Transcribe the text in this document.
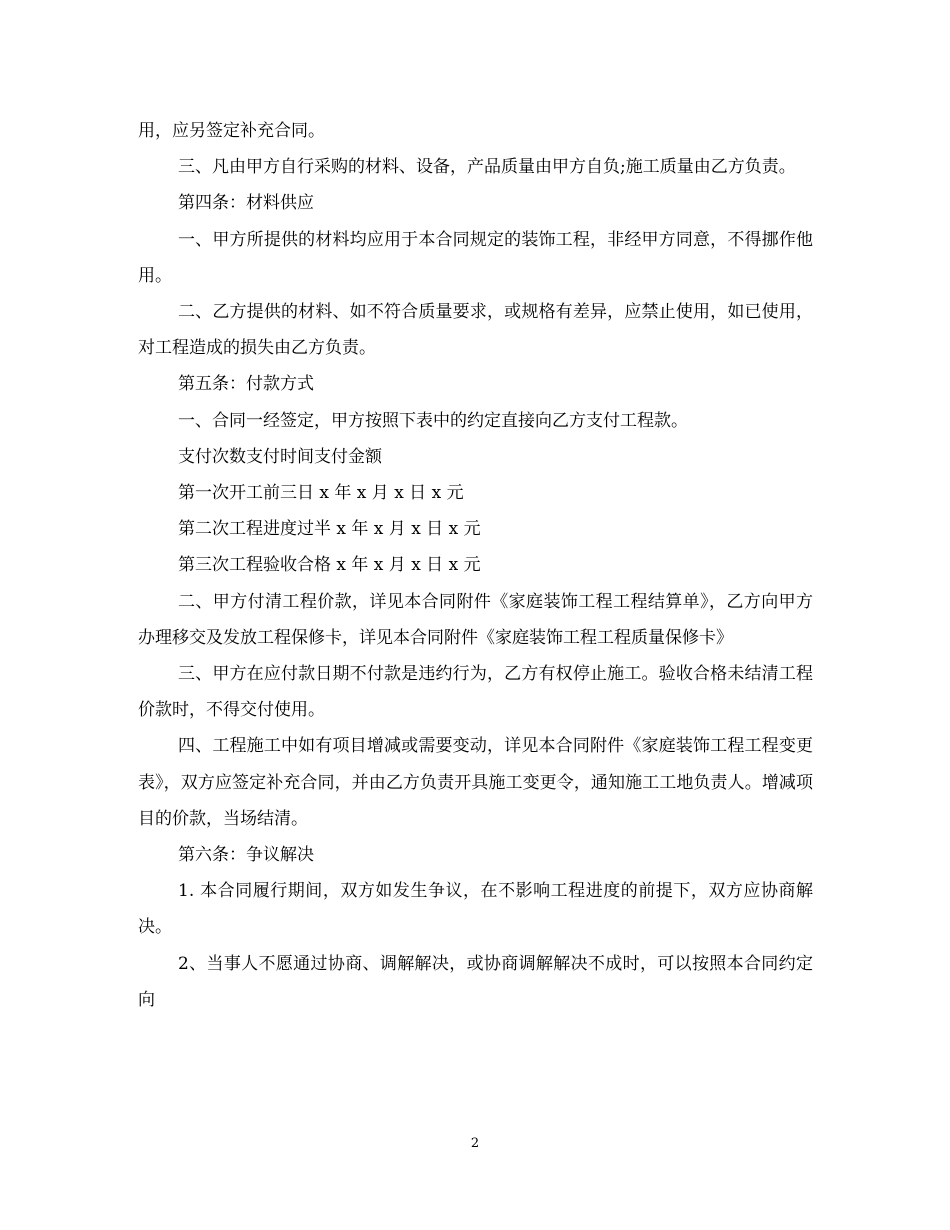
用，应另签定补充合同。

三、凡由甲方自行采购的材料、设备，产品质量由甲方自负;施工质量由乙方负责。

第四条：材料供应

一、甲方所提供的材料均应用于本合同规定的装饰工程，非经甲方同意，不得挪作他用。

二、乙方提供的材料、如不符合质量要求，或规格有差异，应禁止使用，如已使用，对工程造成的损失由乙方负责。

第五条：付款方式

一、合同一经签定，甲方按照下表中的约定直接向乙方支付工程款。

支付次数支付时间支付金额

第一次开工前三日 x 年 x 月 x 日 x 元

第二次工程进度过半 x 年 x 月 x 日 x 元

第三次工程验收合格 x 年 x 月 x 日 x 元

二、甲方付清工程价款，详见本合同附件《家庭装饰工程工程结算单》，乙方向甲方办理移交及发放工程保修卡，详见本合同附件《家庭装饰工程工程质量保修卡》

三、甲方在应付款日期不付款是违约行为，乙方有权停止施工。验收合格未结清工程价款时，不得交付使用。

四、工程施工中如有项目增减或需要变动，详见本合同附件《家庭装饰工程工程变更表》，双方应签定补充合同，并由乙方负责开具施工变更令，通知施工工地负责人。增减项目的价款，当场结清。

第六条：争议解决

1. 本合同履行期间，双方如发生争议，在不影响工程进度的前提下，双方应协商解决。

2、当事人不愿通过协商、调解解决，或协商调解解决不成时，可以按照本合同约定向

2
